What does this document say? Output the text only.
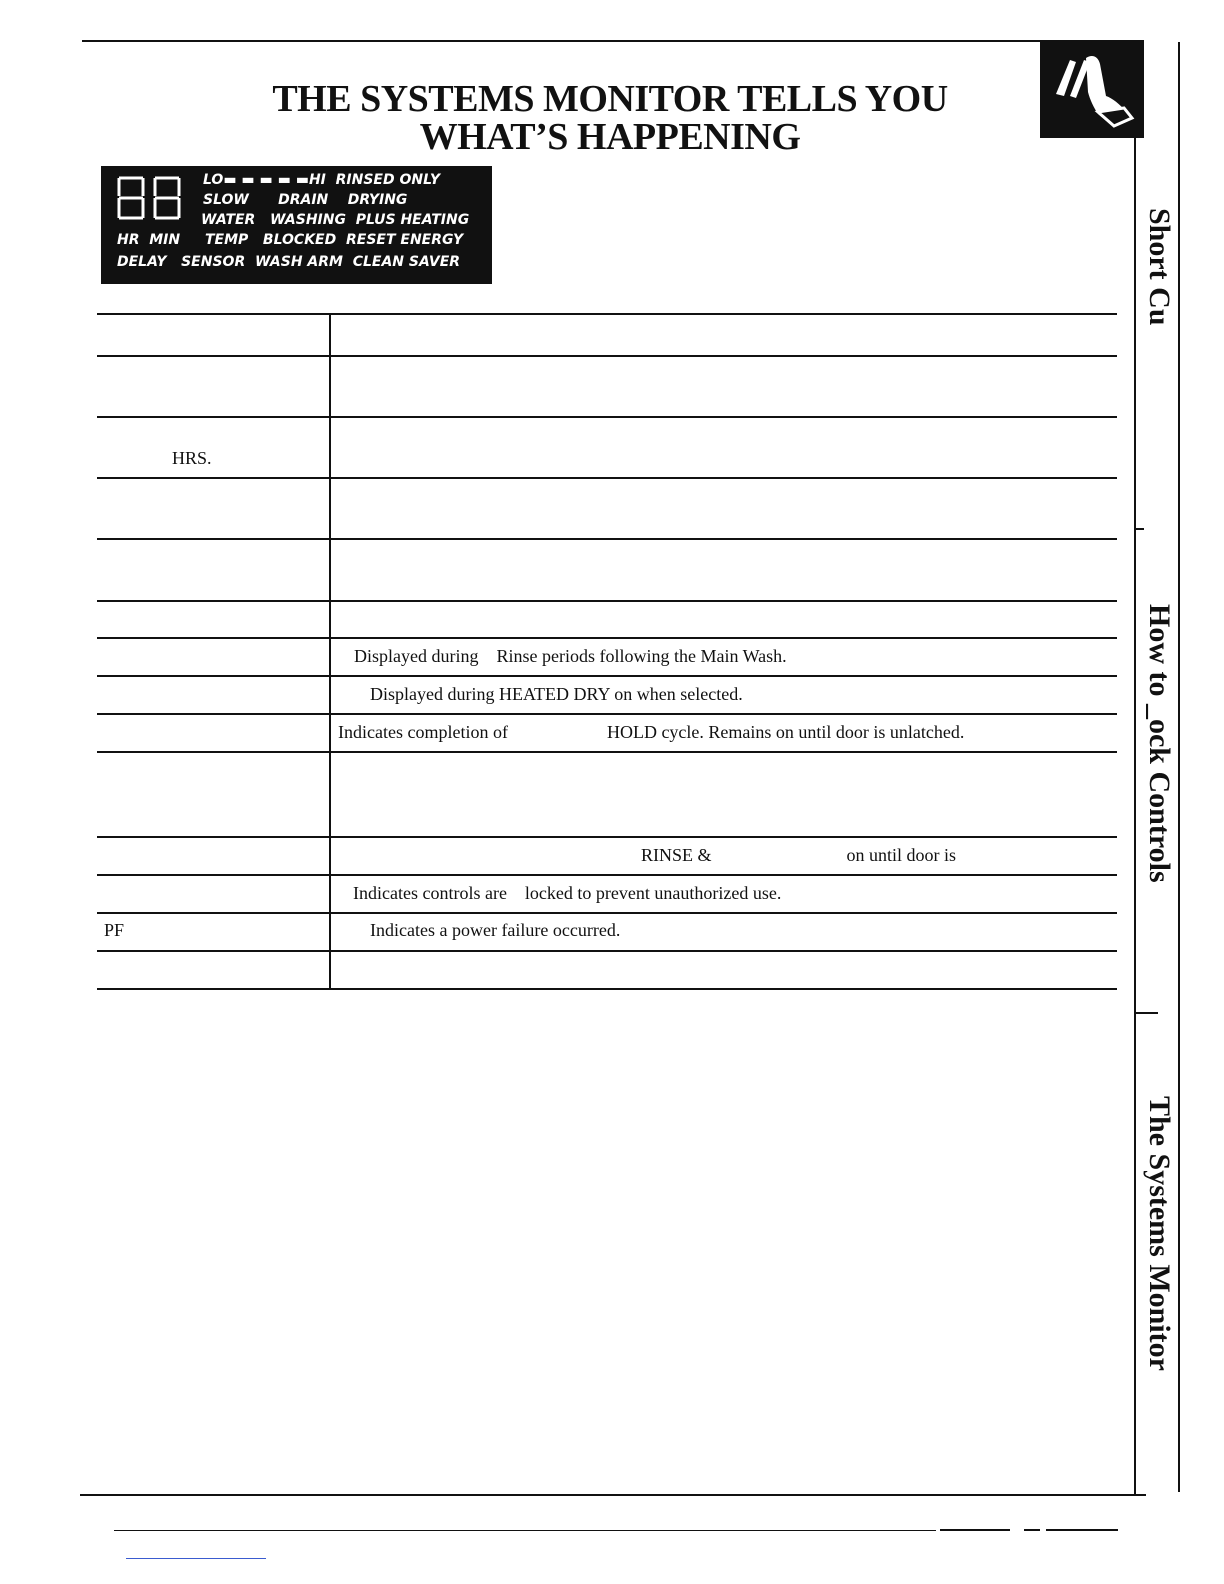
THE SYSTEMS MONITOR TELLS YOU
WHAT’S HAPPENING
LO▬ ▬ ▬ ▬ ▬HI  RINSED ONLY
SLOW      DRAIN    DRYING
WATER   WASHING  PLUS HEATING
HR  MIN TEMP   BLOCKED  RESET ENERGY
DELAY   SENSOR  WASH ARM  CLEAN SAVER
HRS.
PF
Displayed during    Rinse periods following the Main Wash.
Displayed during HEATED DRY on when selected.
Indicates completion of                      HOLD cycle. Remains on until door is unlatched.
RINSE &                              on until door is
Indicates controls are    locked to prevent unauthorized use.
Indicates a power failure occurred.
Short Cu
How to _ock Controls
The Systems Monitor
